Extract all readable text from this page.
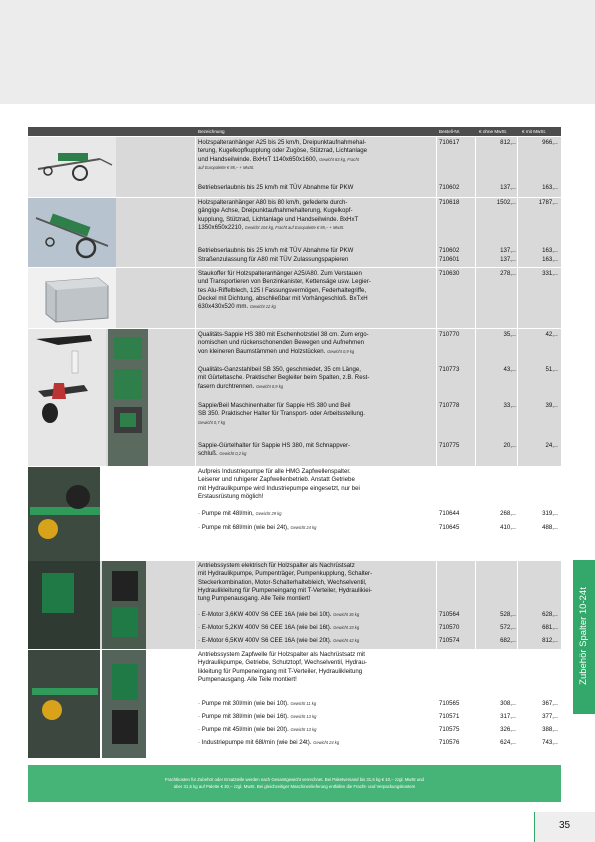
Bezeichnung	Bestell-Nr.	€ ohne MwSt.	€ mit MwSt.
Holzspalteranhänger A25 bis 25 km/h, Dreipunktaufnahmehal-
terung, Kugelkopfkupplung oder Zugöse, Stützrad, Lichtanlage
und Handseilwinde. BxHxT 1140x650x1600, Gewicht 83 kg, Fracht
auf Europalette € 85,– + MwSt.
710617	812,––	966,––
Betriebserlaubnis bis 25 km/h mit TÜV Abnahme für PKW	710602	137,––	163,––
Holzspalteranhänger A80 bis 80 km/h, gefederte durch-
gängige Achse, Dreipunktaufnahmehalterung, Kugelkopf-
kupplung, Stützrad, Lichtanlage und Handseilwinde. BxHxT
1350x650x2210, Gewicht 104 kg, Fracht auf Europalette € 85,– + MwSt.
710618	1502,––	1787,––
Betriebserlaubnis bis 25 km/h mit TÜV Abnahme für PKW	710602	137,––	163,––
Straßenzulassung für A80 mit TÜV Zulassungspapieren	710601	137,––	163,––
Staukoffer für Holzspalteranhänger A25/A80. Zum Verstauen
und Transportieren von Benzinkanister, Kettensäge usw. Legier-
tes Alu-Riffelblech, 125 l Fassungsvermögen, Federhaltegriffe,
Deckel mit Dichtung, abschließbar mit Vorhängeschloß. BxTxH
630x430x520 mm. Gewicht 12 kg
710630	278,––	331,––
Qualitäts-Sappie HS 380 mit Eschenholzstiel 38 cm. Zum ergo-
nomischen und rückenschonenden Bewegen und Aufnehmen
von kleineren Baumstämmen und Holzstücken. Gewicht 0,9 kg
710770	35,––	42,––
Qualitäts-Ganzstahlbeil SB 350, geschmiedet, 35 cm Länge,
mit Gürteltasche. Praktischer Begleiter beim Spalten, z.B. Rest-
fasern durchtrennen. Gewicht 0,9 kg
710773	43,––	51,––
Sappie/Beil Maschinenhalter für Sappie HS 380 und Beil
SB 350. Praktischer Halter für Transport- oder Arbeitsstellung.
Gewicht 0,7 kg
710778	33,––	39,––
Sappie-Gürtelhalter für Sappie HS 380, mit Schnappver-
schluß. Gewicht 0,2 kg
710775	20,––	24,––
Aufpreis Industriepumpe für alle HMG Zapfwellenspalter.
Leiserer und ruhigerer Zapfwellenbetrieb. Anstatt Getriebe
mit Hydraulikpumpe wird Industriepumpe eingesetzt, nur bei
Erstausrüstung möglich!
· Pumpe mit 48l/min, Gewicht 29 kg	710644	268,––	319,––
· Pumpe mit 68l/min (wie bei 24t), Gewicht 24 kg	710645	410,––	488,––
Antriebssystem elektrisch für Holzspalter als Nachrüstsatz
mit Hydraulikpumpe, Pumpenträger, Pumpenkupplung, Schalter-
Steckerkombination, Motor-Schalterhaltebleich, Wechselventil,
Hydraulikleitung für Pumpeneingang mit T-Verteiler, Hydraulikiei-
tung Pumpenausgang. Alle Teile montiert!
· E-Motor 3,6KW 400V S6 CEE 16A (wie bei 10t). Gewicht 36 kg	710564	528,––	628,––
· E-Motor 5,2KW 400V S6 CEE 16A (wie bei 16t). Gewicht 33 kg	710570	572,––	681,––
· E-Motor 6,5KW 400V S6 CEE 16A (wie bei 20t). Gewicht 42 kg	710574	682,––	812,––
Antriebssystem Zapfwelle für Holzspalter als Nachrüstsatz mit
Hydraulikpumpe, Getriebe, Schutztopf, Wechselventil, Hydrau-
likleitung für Pumpeneingang mit T-Verteiler, Hydraulikleitung
Pumpenausgang. Alle Teile montiert!
· Pumpe mit 30l/min (wie bei 10t). Gewicht 11 kg	710565	308,––	367,––
· Pumpe mit 38l/min (wie bei 16t). Gewicht 13 kg	710571	317,––	377,––
· Pumpe mit 45l/min (wie bei 20t). Gewicht 13 kg	710575	326,––	388,––
· Industriepumpe mit 68l/min (wie bei 24t). Gewicht 24 kg	710576	624,––	743,––
Zubehör Spalter 10-24t
Frachtkosten für Zubehör oder Ersatzteile werden nach Gesamtgewicht verrechnet. Bei Paketversand bis 31,5 kg € 10,– zzgl. MwSt und
über 31,5 kg auf Palette € 30,– zzgl. MwSt. Bei gleichzeitiger Maschinenlieferung entfallen die Fracht- und Verpackungskosten!
35
